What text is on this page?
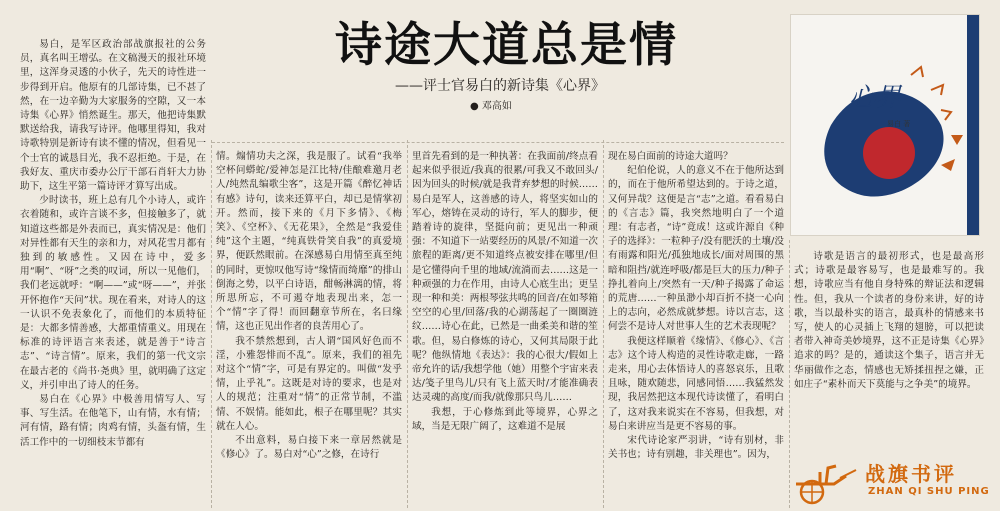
诗途大道总是情
——评士官易白的新诗集《心界》
● 邓高如	心界
易白 著

易白，是军区政治部战旗报社的公务员，真名叫王增弘。在文稿漫天的报社环境里，这浑身灵透的小伙子，先天的诗性进一步得到开启。他原有的几部诗集，已不甚了然，在一边辛勤为大家服务的空隙，又一本诗集《心界》悄然诞生。那天，他把诗集默默送给我，请我写诗评。他哪里得知，我对诗歌特别是新诗有读不懂的情况，但看见一个士官的诚恳目光，我不忍拒绝。于是，在我好友、重庆市委办公厅干部石肖轩大力协助下，这生平第一篇诗评才算写出成。

少时读书，班上总有几个小诗人，或许衣着随和，或许言谈不多，但接触多了，就知道这些都是外表而已，真实情况是：他们对异性都有天生的亲和力，对风花雪月都有独到的敏感性。又因在诗中，爱多用“啊”、“呀”之类的叹词，所以一见他们，我们老远就呼：“啊——”或“呀——”，并张开怀抱作“天问”状。现在看来，对诗人的这一认识不免表象化了，而他们的本质特征是：大都多情善感，大都重情重义。用现在标准的诗评语言来表述，就是善于“诗言志”、“诗言情”。原来，我们的第一代文宗在最古老的《尚书·尧典》里，就明确了这定义，并引申出了诗人的任务。

易白在《心界》中极善用情写人、写事、写生活。在他笔下，山有情，水有情；河有情，路有情；肉鸡有情，头盔有情，生活工作中的一切细枝末节都有

情。煽情功夫之深，我是服了。试看“我举空杯问蟒蛇/爱神怎是江比特/佳酿难邀月老人/纯然乱编歌尘客”，这是开篇《醉忆神话有感》诗句，读来还算平白，却已是情掌初开。然而，接下来的《月下多情》、《梅笑》、《空杯》、《无花果》，全然是“我爱佳纯”这个主题，“纯真铁骨笑自我”的真爱境界，便跃然眼前。在深感易白用情至真至纯的同时，更惊叹他写诗“缘情而绮靡”的排山倒海之势，以平白诗语，酣畅淋漓的情，将所思所忘，不可遏夺地表现出来，怎一个“情”字了得！而回翻章节所在，名曰缘情，这也正见出作者的良苦用心了。

我不禁然想到，古人谓“国风好色而不淫，小雅怨悱而不乱”。原来，我们的祖先对这个“情”字，可是有界定的。叫做“发乎情，止乎礼”。这既是对诗的要求，也是对人的规范；注重对“情”的正常节制，不滥情、不娱情。能如此，根子在哪里呢？其实就在人心。

不出意料，易白接下来一章居然就是《修心》了。易白对“心”之修，在诗行

里首先看到的是一种执著：在我面前/终点看起来似乎很近/我真的很累/可我又不敢回头/因为回头的时候/就是我背弃梦想的时候……易白是军人，这善感的诗人，将坚实如山的军心，熔铸在灵动的诗行，军人的脚步，便踏着诗的旋律，坚挺向前；更见出一种顽强：不知道下一站要经历的风景/不知道一次旅程的距离/更不知道终点被安排在哪里/但是它懂得向千里的地域/流淌而去……这是一种顽强的力在作用，由诗人心底生出；更呈现一种和美：两根琴弦共鸣的回音/在如琴箱空空的心里/回落/我的心湖荡起了一圈圈涟纹……诗心在此，已然是一曲柔美和谐的笙歌。但，易白修炼的诗心，又何其局限于此呢？他纵情地《表达》：我的心很大/假如上帝允许的话/我想学他（她）用整个宇宙来表达/笺子里鸟儿/只有飞上蓝天时/才能准确表达灵魂的高度/而我/就像那只鸟儿……

我想，于心修炼到此等境界，心界之域，当是无限广阔了，这难道不是展

现在易白面前的诗途大道吗？

纪伯伦说，人的意义不在于他所达到的，而在于他所希望达到的。于诗之道，又何异哉？这便是言“志”之道。看看易白的《言志》篇，我突然地明白了一个道理：有志者，“诗”竟成！这或许源自《种子的选择》：一粒种子/没有肥沃的土壤/没有雨露和阳光/孤独地成长/面对周围的黑暗和阻挡/就连呼吸/都是巨大的压力/种子挣扎着向上/突然有一天/种子揭露了命运的荒唐……一种虽渺小却百折不挠一心向上的志向，必然成就梦想。诗以言志，这何尝不是诗人对世事人生的艺术表现呢？

我便这样顺着《缘情》、《修心》、《言志》这个诗人构造的灵性诗歌走廊，一路走来，用心去体悟诗人的喜怒哀乐，且歌且咏，随欢随悲，同感同悟……我猛然发现，我居然把这本现代诗读懂了，看明白了，这对我来说实在不容易，但我想，对易白来讲应当是更不容易的事。

宋代诗论家严羽讲，“诗有别材，非关书也；诗有别趣，非关理也”。因为，

诗歌是语言的最初形式，也是最高形式；诗歌是最容易写，也是最难写的。我想，诗歌应当有他自身特殊的辩证法和逻辑性。但，我从一个读者的身份来讲，好的诗歌，当以最朴实的语言，最真朴的情感来书写，使人的心灵插上飞翔的翅膀，可以把读者带入神奇美妙境界，这不正是诗集《心界》追求的吗？是的，通读这个集子，语言并无华丽做作之态，情感也无矫揉扭捏之嫌，正如庄子“素朴而天下莫能与之争美”的境界。

战旗书评
ZHAN QI SHU PING
